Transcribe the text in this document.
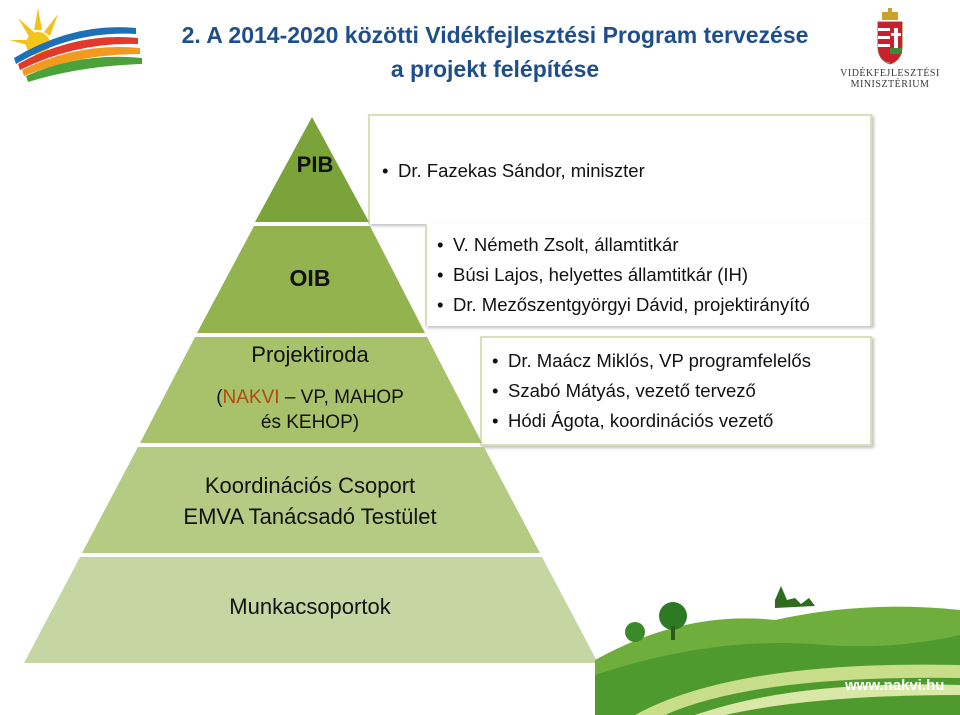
2. A 2014-2020 közötti Vidékfejlesztési Program tervezése

a projekt felépítése	VIDÉKFEJLESZTÉSI
MINISZTÉRIUM
• Dr. Fazekas Sándor, miniszter
• V. Németh Zsolt, államtitkár
• Búsi Lajos, helyettes államtitkár (IH)
• Dr. Mezőszentgyörgyi Dávid, projektirányító
• Dr. Maácz Miklós, VP programfelelős
• Szabó Mátyás, vezető tervező
• Hódi Ágota, koordinációs vezető
PIB
OIB
Projektiroda
(NAKVI – VP, MAHOP
és KEHOP)
Koordinációs Csoport
EMVA Tanácsadó Testület
Munkacsoportok
www.nakvi.hu
